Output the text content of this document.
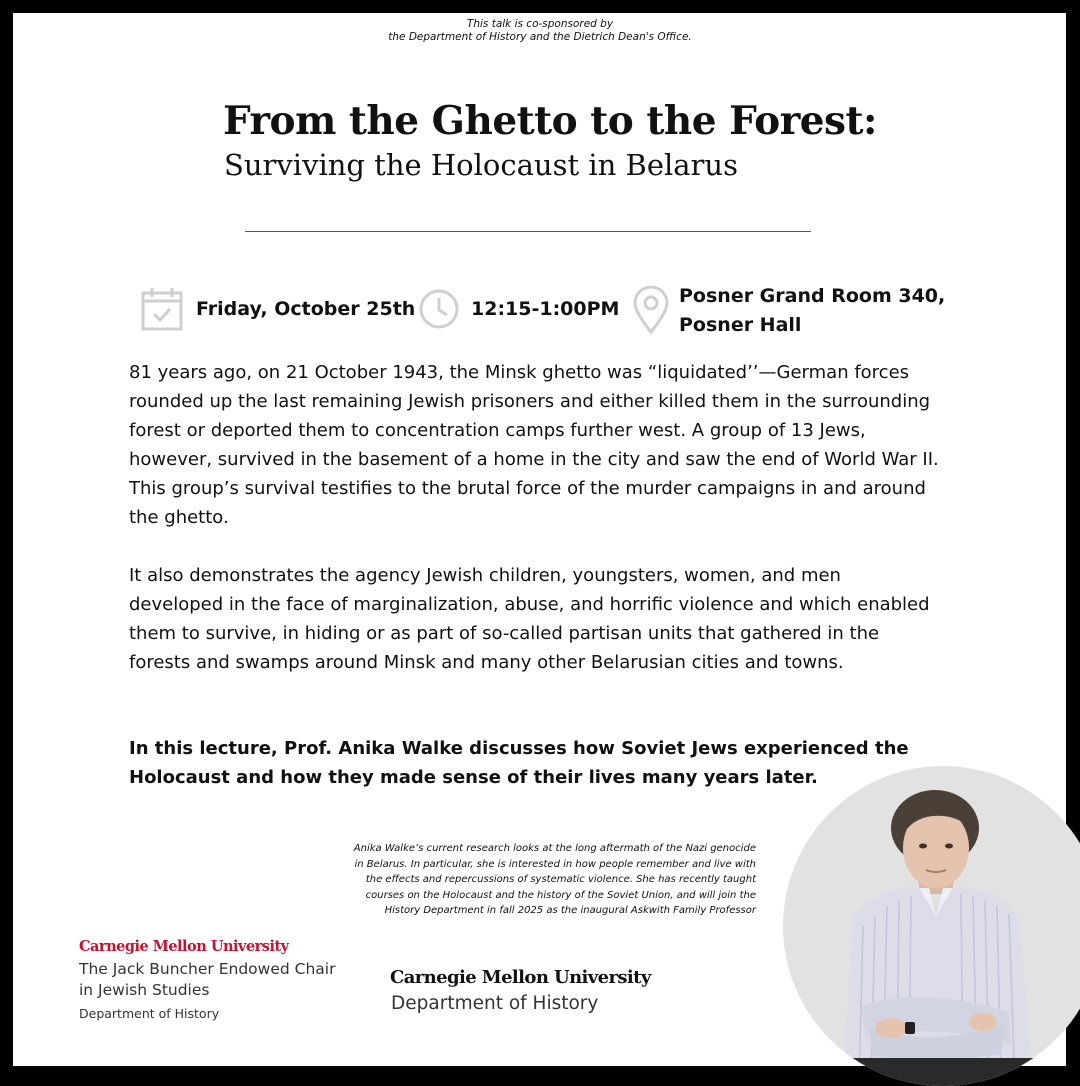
This talk is co-sponsored by
the Department of History and the Dietrich Dean's Office.
From the Ghetto to the Forest:
Surviving the Holocaust in Belarus
Friday, October 25th	12:15-1:00PM
Posner Grand Room 340,
Posner Hall
81 years ago, on 21 October 1943, the Minsk ghetto was “liquidated’’—German forces rounded up the last remaining Jewish prisoners and either killed them in the surrounding forest or deported them to concentration camps further west. A group of 13 Jews, however, survived in the basement of a home in the city and saw the end of World War II. This group’s survival testifies to the brutal force of the murder campaigns in and around the ghetto.
It also demonstrates the agency Jewish children, youngsters, women, and men developed in the face of marginalization, abuse, and horrific violence and which enabled them to survive, in hiding or as part of so-called partisan units that gathered in the forests and swamps around Minsk and many other Belarusian cities and towns.
In this lecture, Prof. Anika Walke discusses how Soviet Jews experienced the Holocaust and how they made sense of their lives many years later.
Anika Walke’s current research looks at the long aftermath of the Nazi genocide
in Belarus. In particular, she is interested in how people remember and live with
the effects and repercussions of systematic violence. She has recently taught
courses on the Holocaust and the history of the Soviet Union, and will join the
History Department in fall 2025 as the inaugural Askwith Family Professor
Carnegie Mellon University
The Jack Buncher Endowed Chair
in Jewish Studies
Department of History
Carnegie Mellon University
Department of History
